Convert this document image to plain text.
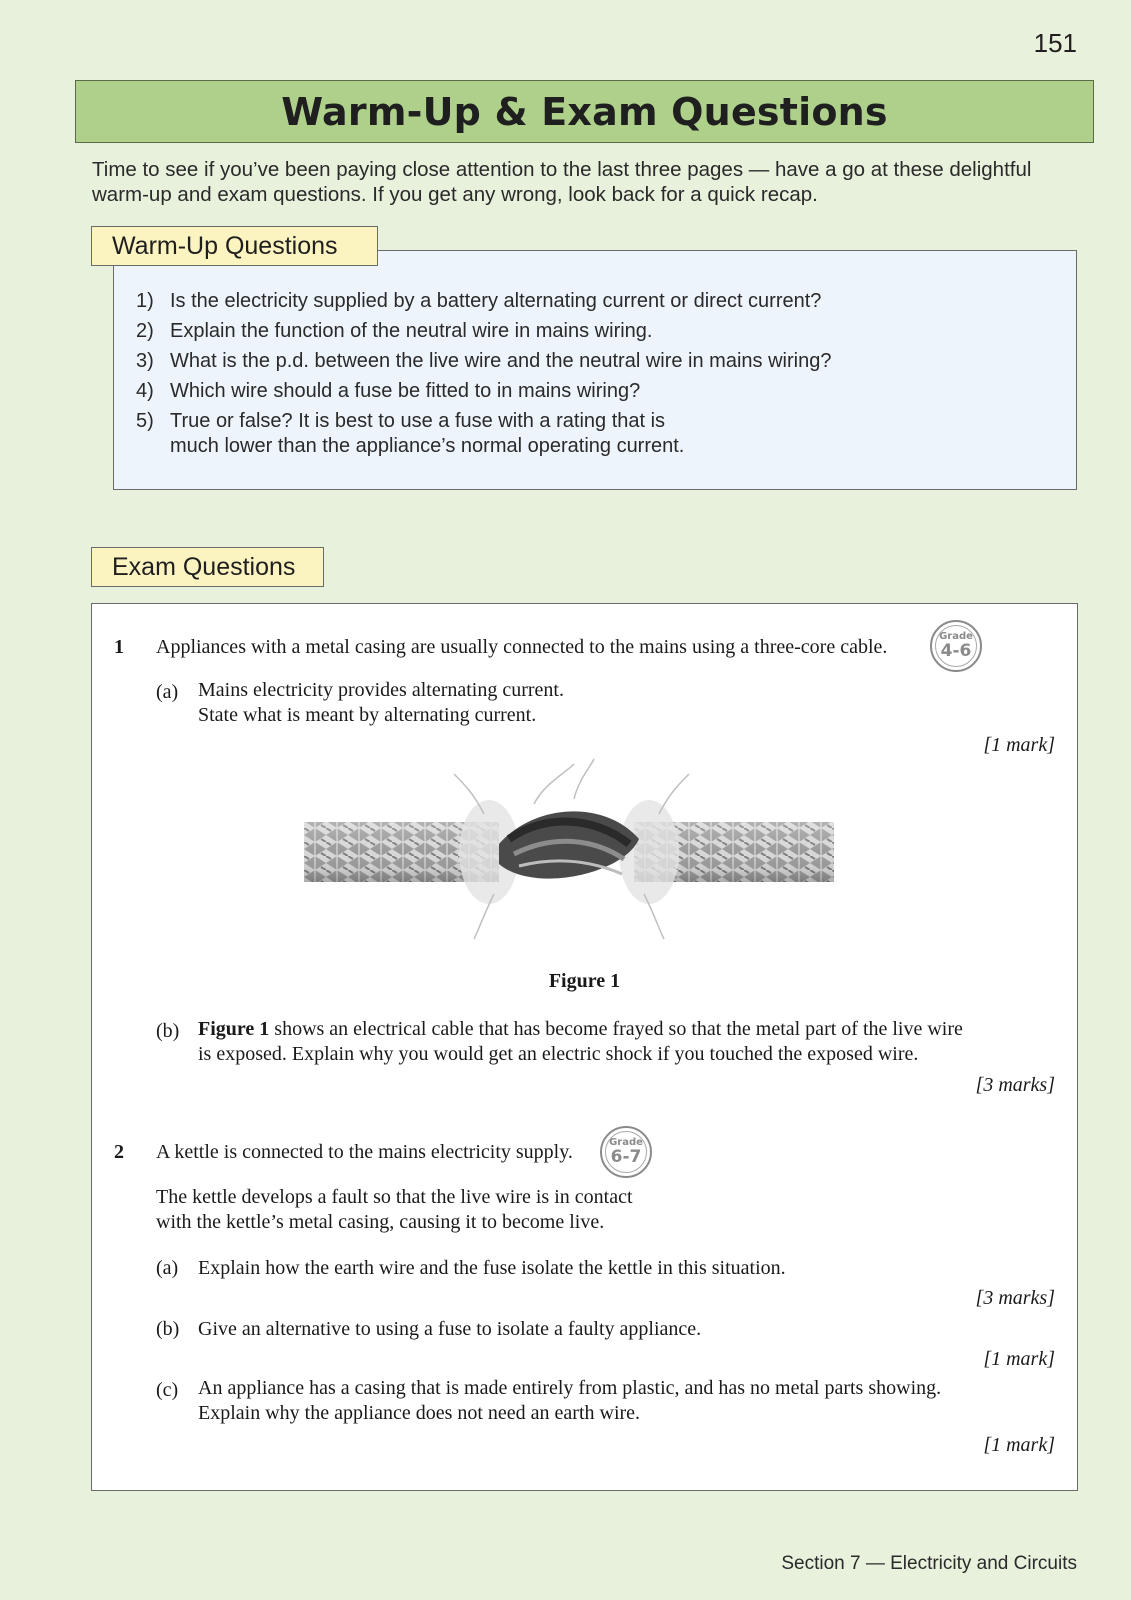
151
Warm-Up & Exam Questions

Time to see if you’ve been paying close attention to the last three pages — have a go at these delightful warm-up and exam questions. If you get any wrong, look back for a quick recap.

Warm-Up Questions
1) Is the electricity supplied by a battery alternating current or direct current?
2) Explain the function of the neutral wire in mains wiring.
3) What is the p.d. between the live wire and the neutral wire in mains wiring?
4) Which wire should a fuse be fitted to in mains wiring?
5) True or false? It is best to use a fuse with a rating that is
much lower than the appliance’s normal operating current.
Exam Questions
1 Appliances with a metal casing are usually connected to the mains using a three-core cable.	Grade
4-6
(a) Mains electricity provides alternating current.
State what is meant by alternating current.
[1 mark]
Figure 1
(b) Figure 1 shows an electrical cable that has become frayed so that the metal part of the live wire
is exposed. Explain why you would get an electric shock if you touched the exposed wire.
[3 marks]
2 A kettle is connected to the mains electricity supply.	Grade
6-7
The kettle develops a fault so that the live wire is in contact
with the kettle’s metal casing, causing it to become live.
(a) Explain how the earth wire and the fuse isolate the kettle in this situation.
[3 marks]
(b) Give an alternative to using a fuse to isolate a faulty appliance.
[1 mark]
(c) An appliance has a casing that is made entirely from plastic, and has no metal parts showing.
Explain why the appliance does not need an earth wire.
[1 mark]
Section 7 — Electricity and Circuits
